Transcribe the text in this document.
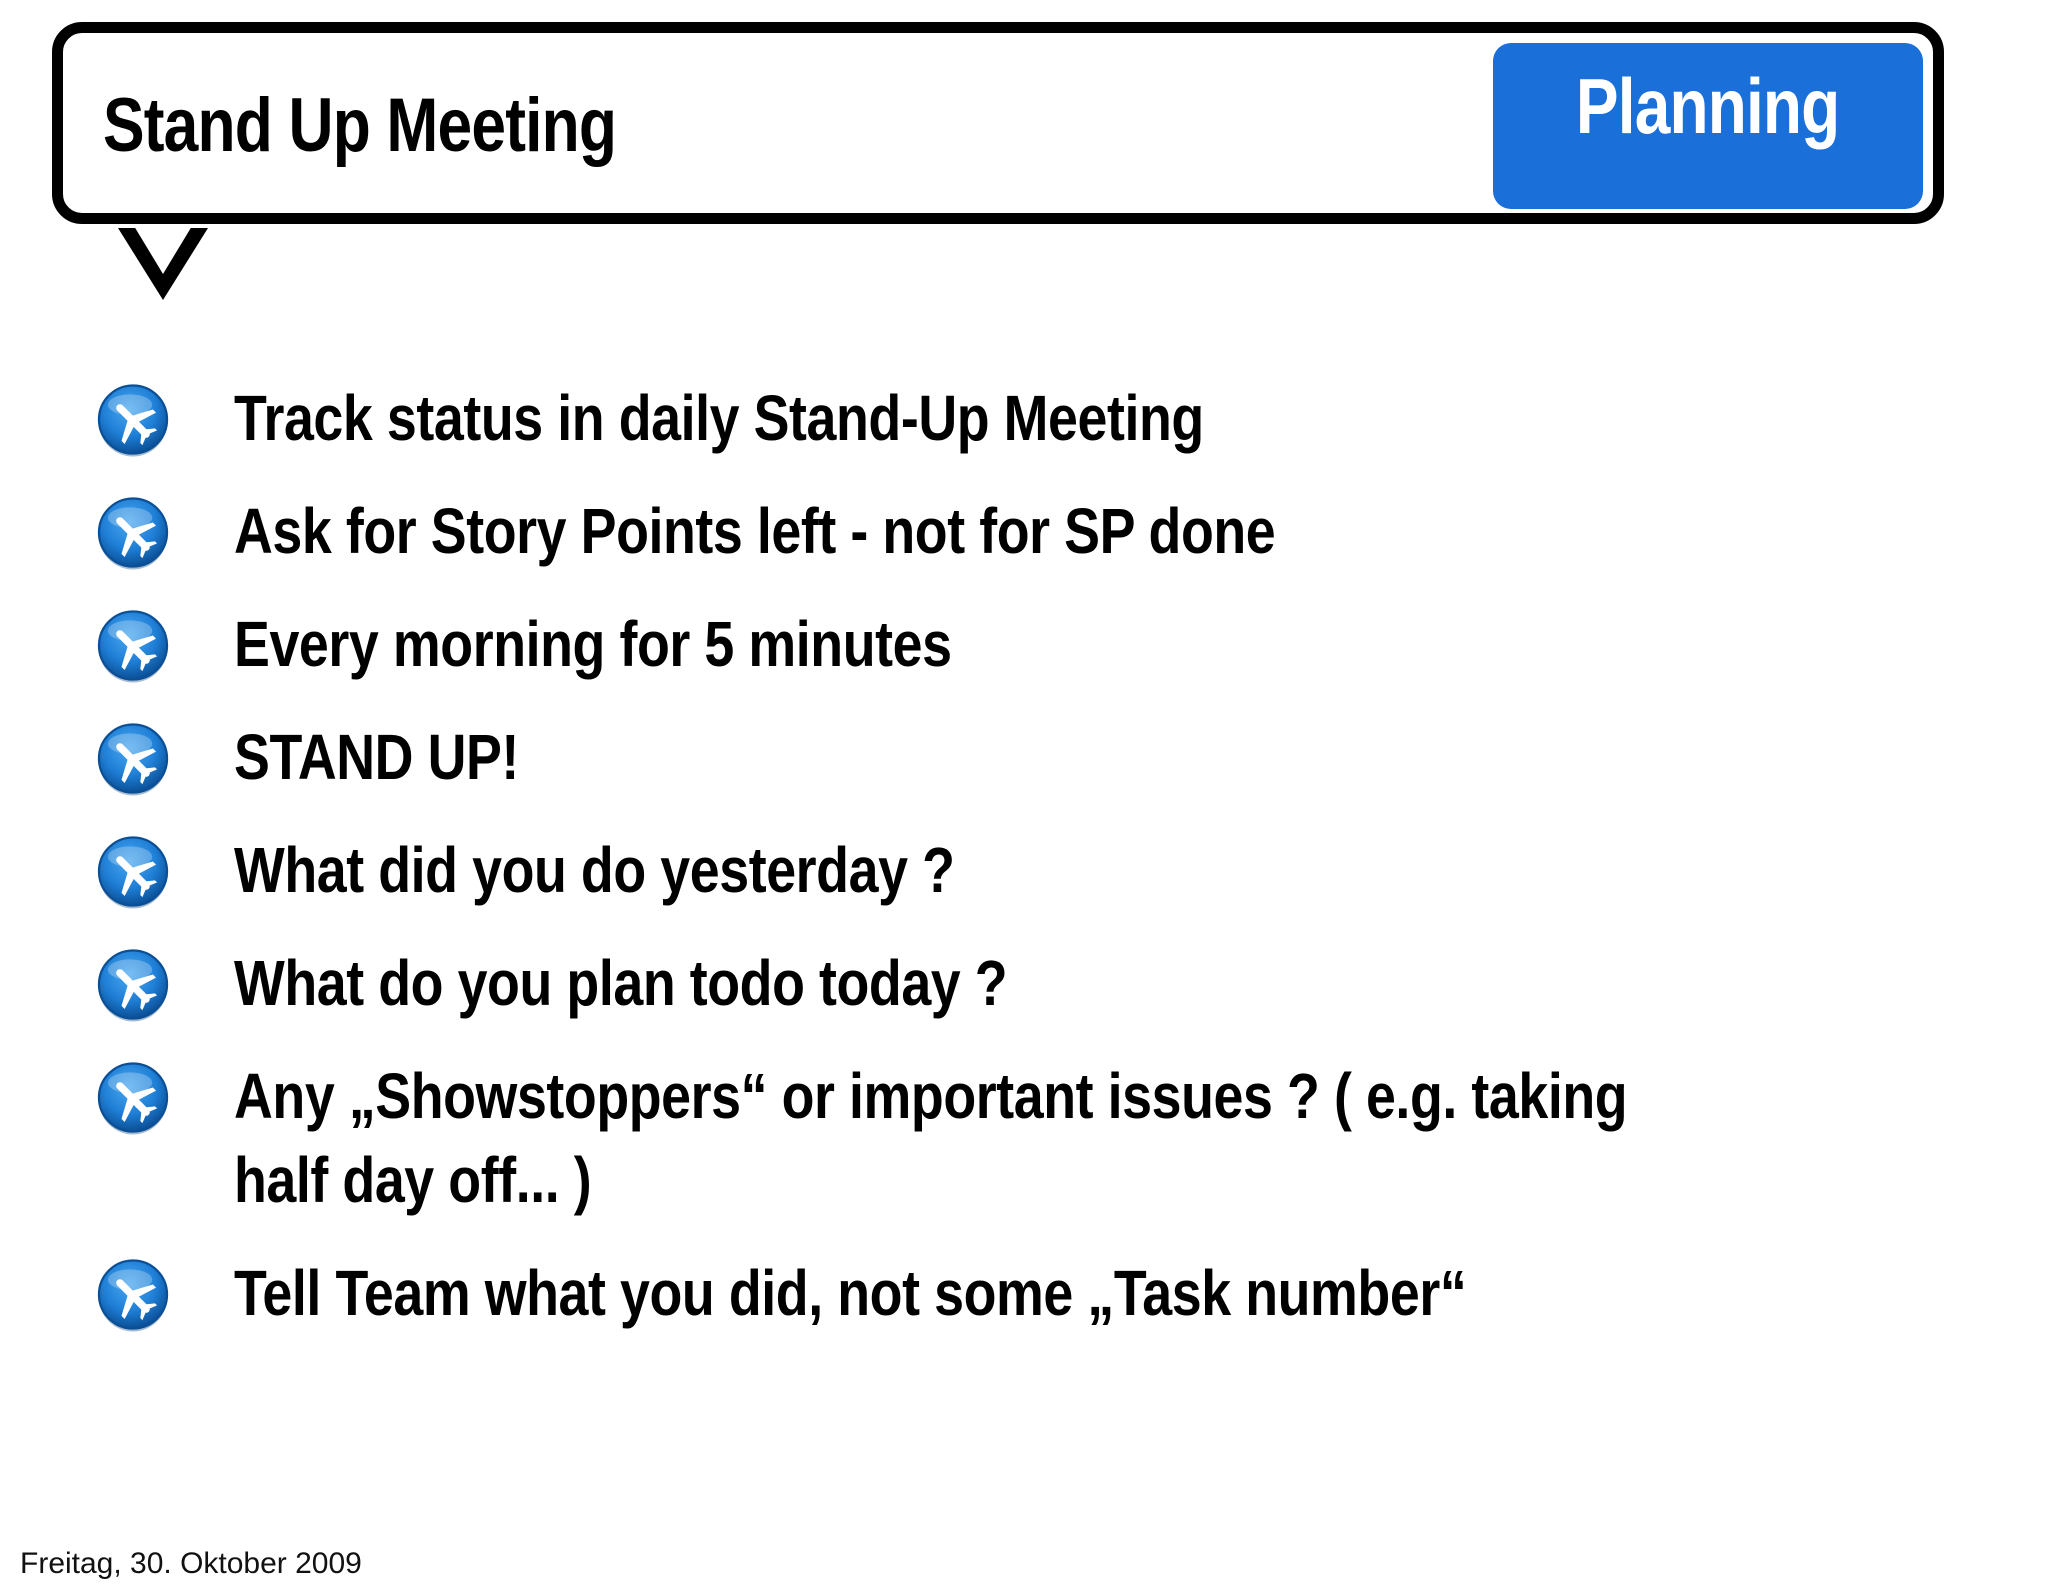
Stand Up Meeting	Planning
Track status in daily Stand-Up Meeting
Ask for Story Points left - not for SP done
Every morning for 5 minutes
STAND UP!
What did you do yesterday ?
What do you plan todo today ?
Any „Showstoppers“ or important issues ? ( e.g. taking half day off... )
Tell Team what you did, not some „Task number“
Freitag, 30. Oktober 2009
